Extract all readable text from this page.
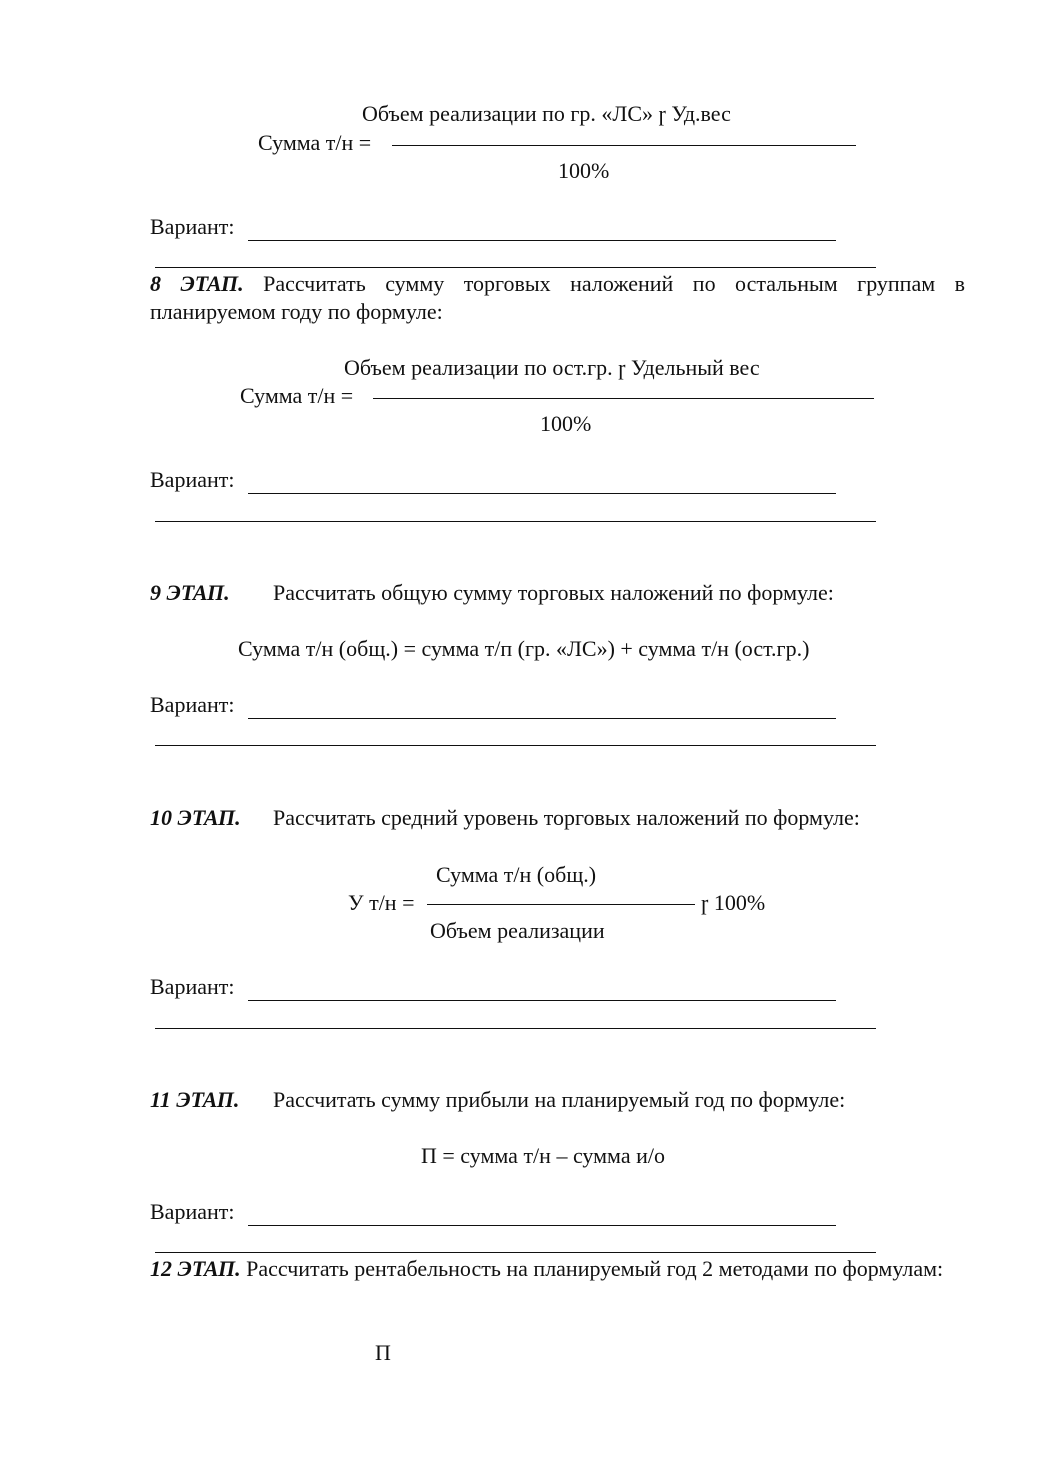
Объем реализации по гр. «ЛС» ɼ Уд.вес
Сумма т/н =
100%
Вариант:
8 ЭТАП. Рассчитать сумму торговых наложений по остальным группам в планируемом году по формуле:
Объем реализации по ост.гр. ɼ Удельный вес
Сумма т/н =
100%
Вариант:
9 ЭТАП. Рассчитать общую сумму торговых наложений по формуле:
Сумма т/н (общ.) = сумма т/п (гр. «ЛС») + сумма т/н (ост.гр.)
Вариант:
10 ЭТАП. Рассчитать средний уровень торговых наложений по формуле:
Сумма т/н (общ.)
У т/н =	ɼ 100%
Объем реализации
Вариант:
11 ЭТАП. Рассчитать сумму прибыли на планируемый год по формуле:
П = сумма т/н – сумма и/о
Вариант:
12 ЭТАП. Рассчитать рентабельность на планируемый год 2 методами по формулам:
П
